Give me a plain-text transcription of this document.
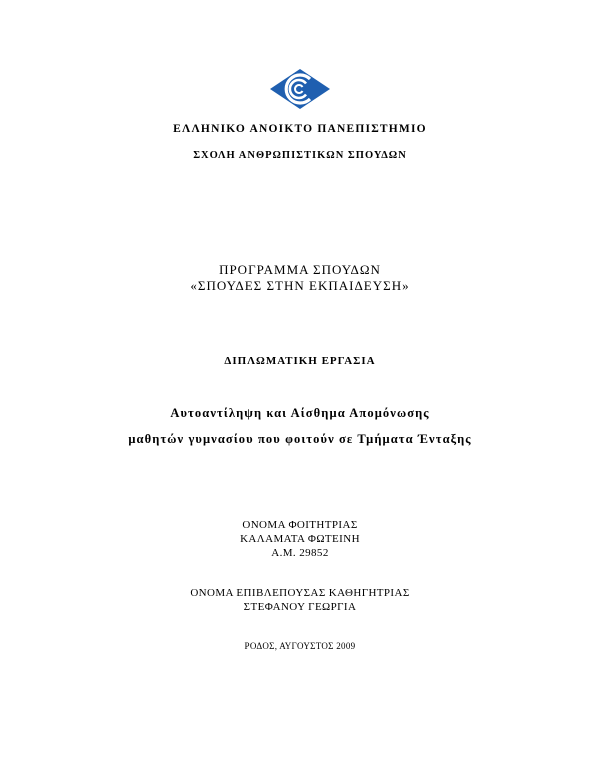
ΕΛΛΗΝΙΚΟ ΑΝΟΙΚΤΟ ΠΑΝΕΠΙΣΤΗΜΙΟ
ΣΧΟΛΗ ΑΝΘΡΩΠΙΣΤΙΚΩΝ ΣΠΟΥΔΩΝ
ΠΡΟΓΡΑΜΜΑ ΣΠΟΥΔΩΝ
«ΣΠΟΥΔΕΣ ΣΤΗΝ ΕΚΠΑΙΔΕΥΣΗ»
ΔΙΠΛΩΜΑΤΙΚΗ ΕΡΓΑΣΙΑ
Αυτοαντίληψη και Αίσθημα Απομόνωσης
μαθητών γυμνασίου που φοιτούν σε Τμήματα Ένταξης
ΟΝΟΜΑ ΦΟΙΤΗΤΡΙΑΣ
ΚΑΛΑΜΑΤΑ ΦΩΤΕΙΝΗ
Α.Μ. 29852
ΟΝΟΜΑ ΕΠΙΒΛΕΠΟΥΣΑΣ ΚΑΘΗΓΗΤΡΙΑΣ
ΣΤΕΦΑΝΟΥ ΓΕΩΡΓΙΑ
ΡΟΔΟΣ, ΑΥΓΟΥΣΤΟΣ 2009
